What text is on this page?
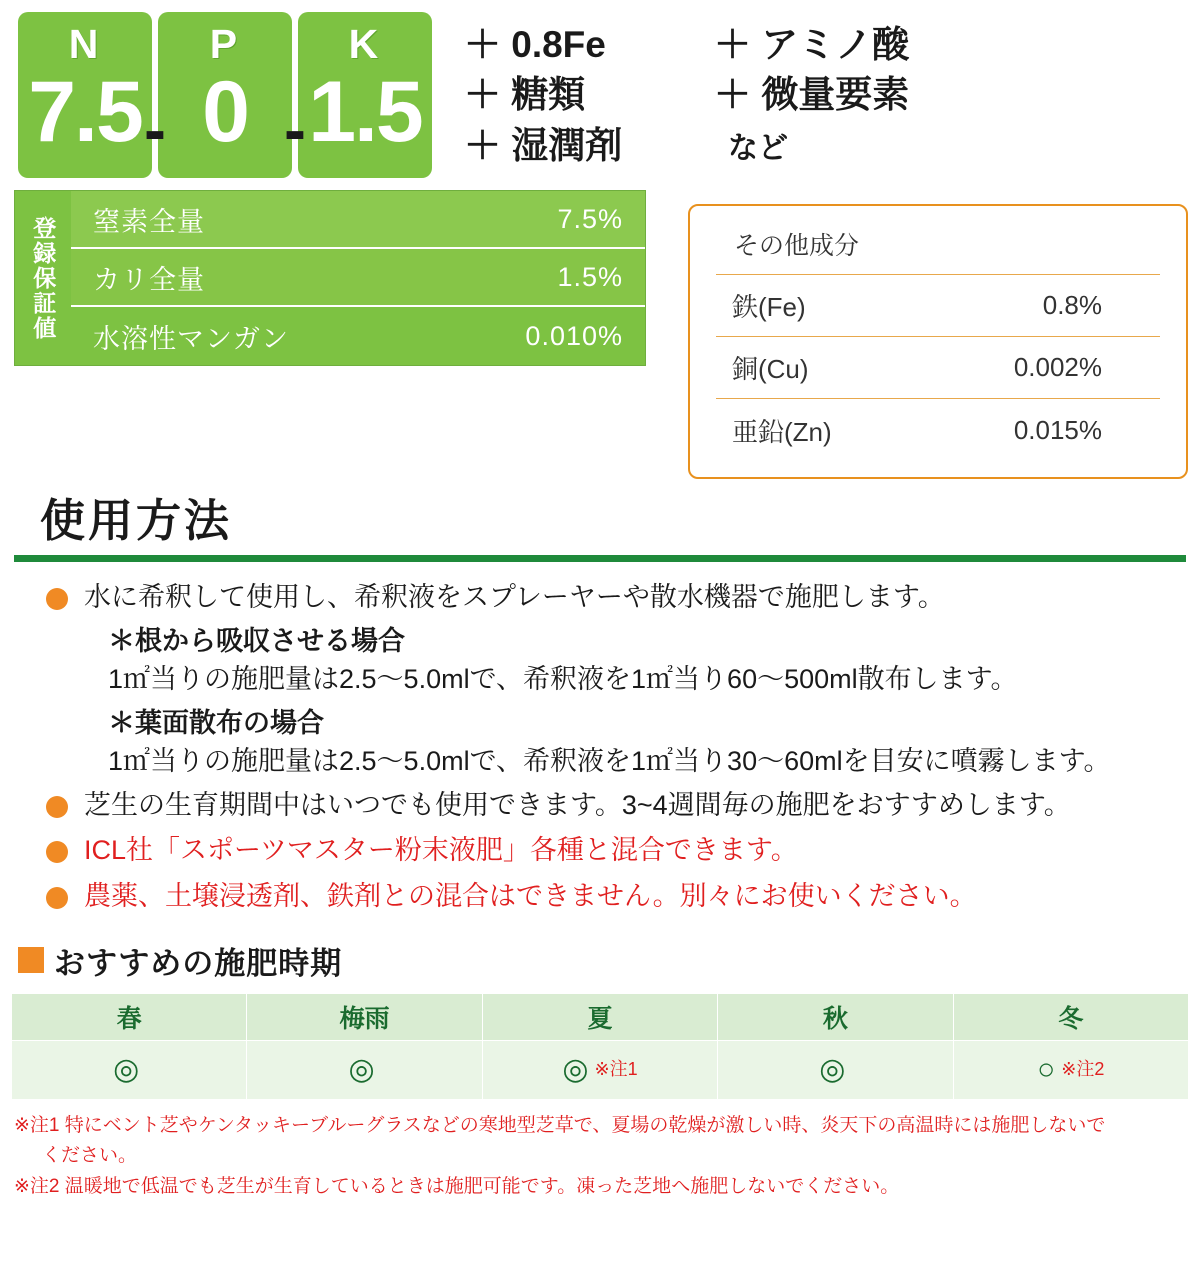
N
7.5 -
P
0 -
K
1.5
＋ 0.8Fe	＋ アミノ酸
＋ 糖類	＋ 微量要素
＋ 湿潤剤	など
登録保証値	窒素全量	7.5%
カリ全量	1.5%
水溶性マンガン	0.010%
その他成分
鉄(Fe)	0.8%
銅(Cu)	0.002%
亜鉛(Zn)	0.015%
使用方法
水に希釈して使用し、希釈液をスプレーヤーや散水機器で施肥します。
＊根から吸収させる場合
1㎡当りの施肥量は2.5〜5.0mlで、希釈液を1㎡当り60〜500ml散布します。
＊葉面散布の場合
1㎡当りの施肥量は2.5〜5.0mlで、希釈液を1㎡当り30〜60mlを目安に噴霧します。
芝生の生育期間中はいつでも使用できます。3~4週間毎の施肥をおすすめします。
ICL社「スポーツマスター粉末液肥」各種と混合できます。
農薬、土壌浸透剤、鉄剤との混合はできません。別々にお使いください。
おすすめの施肥時期
春	梅雨	夏	秋	冬
◎	◎	◎ ※注1	◎	○ ※注2

※注1 特にベント芝やケンタッキーブルーグラスなどの寒地型芝草で、夏場の乾燥が激しい時、炎天下の高温時には施肥しないで

ください。

※注2 温暖地で低温でも芝生が生育しているときは施肥可能です。凍った芝地へ施肥しないでください。
